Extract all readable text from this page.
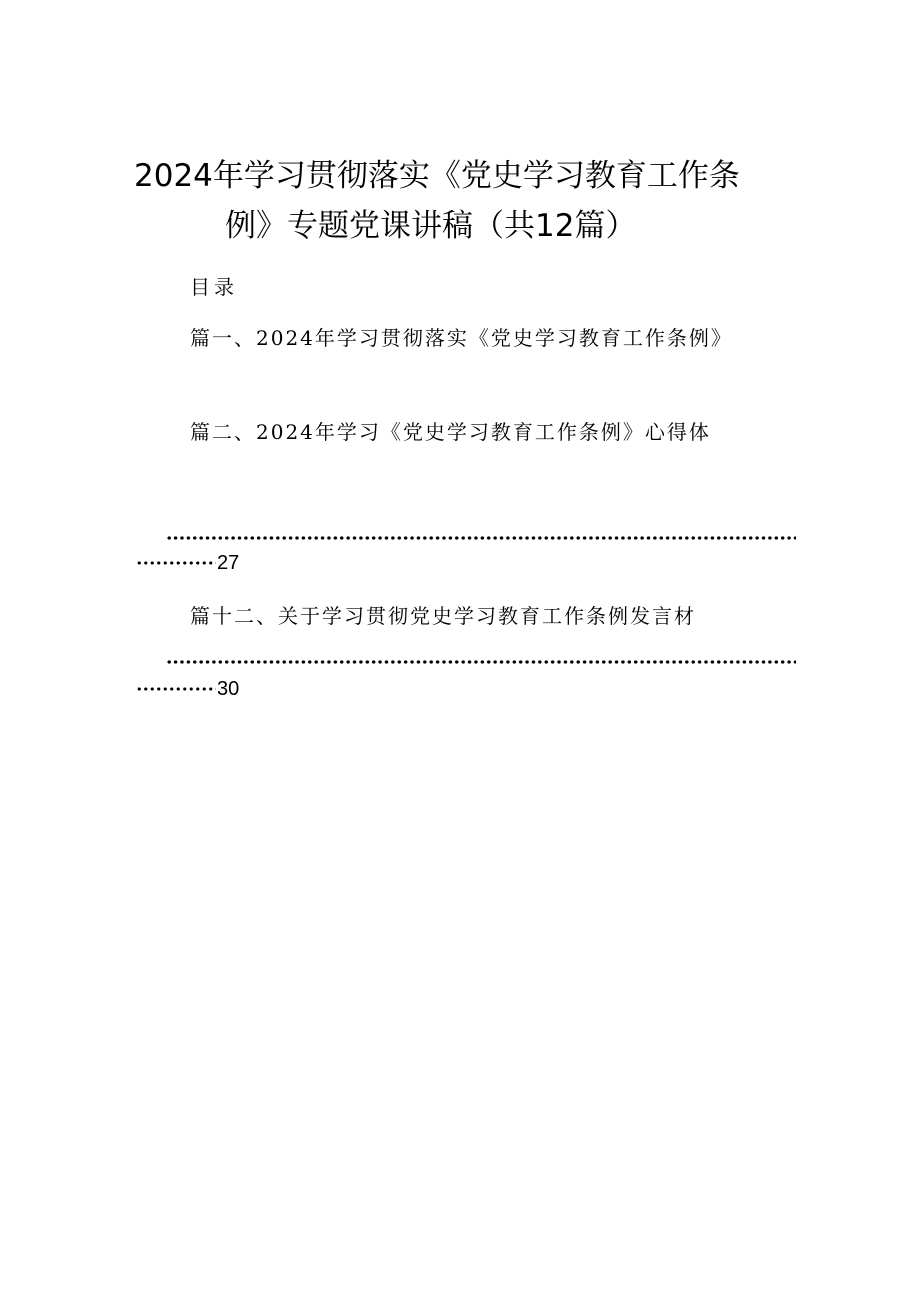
2024年学习贯彻落实《党史学习教育工作条
例》专题党课讲稿（共12篇）
目录
篇一、2024年学习贯彻落实《党史学习教育工作条例》
篇二、2024年学习《党史学习教育工作条例》心得体
27
篇十二、关于学习贯彻党史学习教育工作条例发言材
30
